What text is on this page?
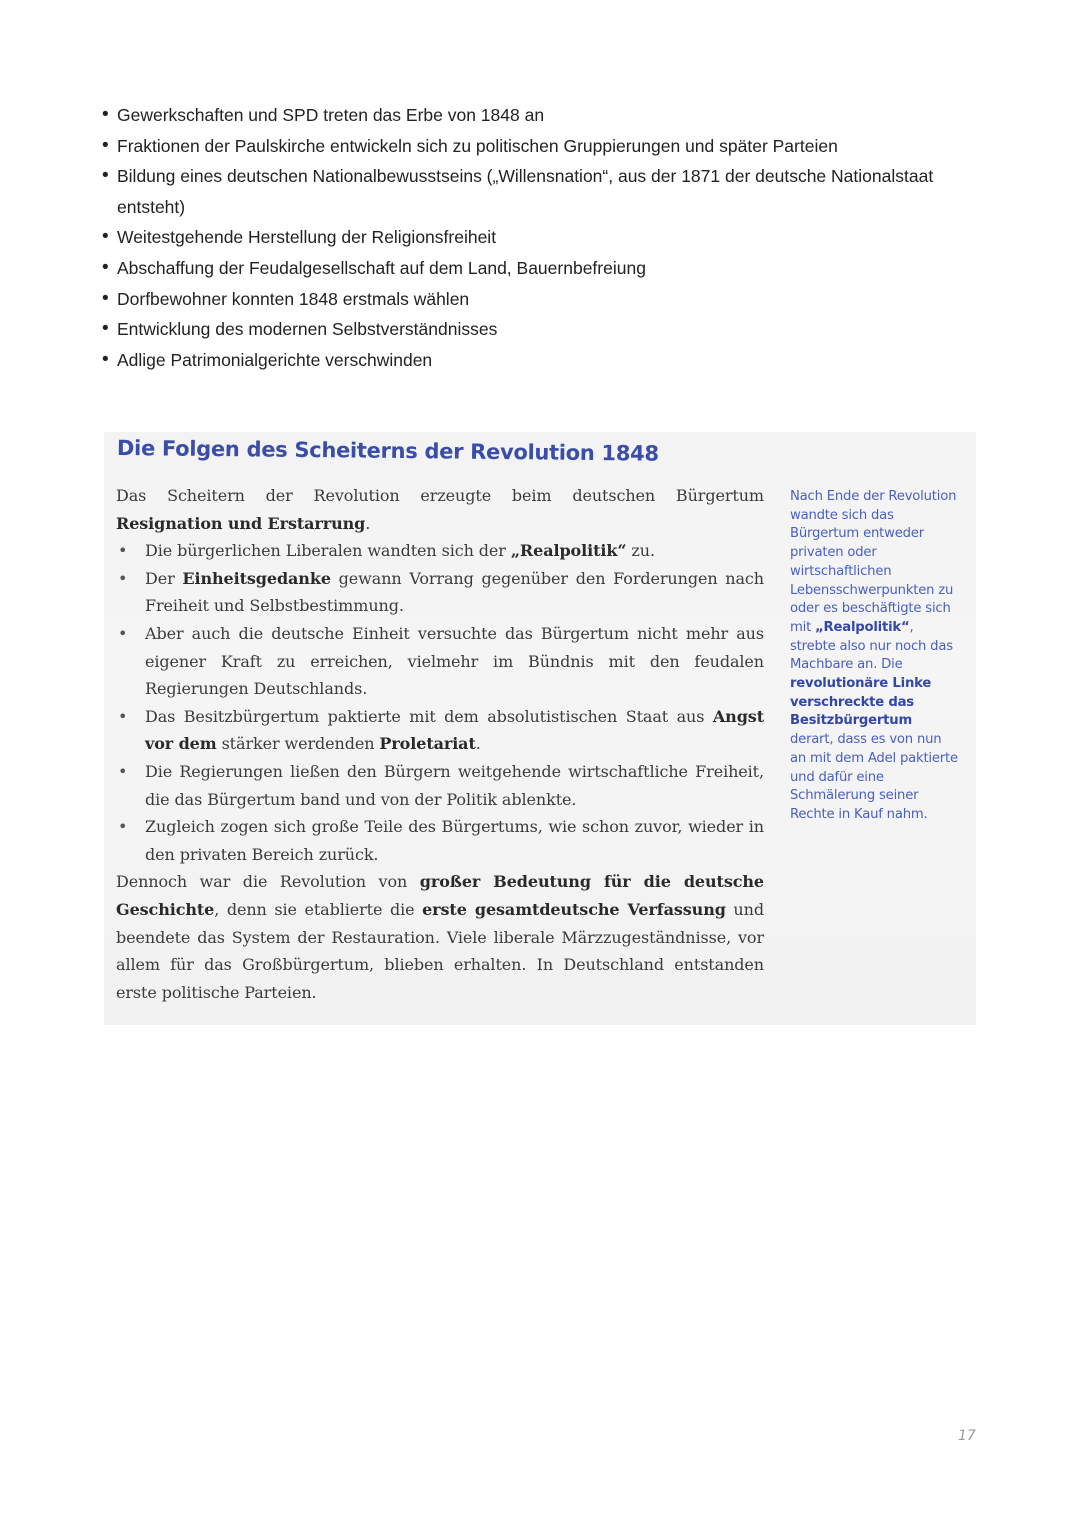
• Gewerkschaften und SPD treten das Erbe von 1848 an
• Fraktionen der Paulskirche entwickeln sich zu politischen Gruppierungen und später Parteien
• Bildung eines deutschen Nationalbewusstseins („Willensnation“, aus der 1871 der deutsche Nationalstaat entsteht)
• Weitestgehende Herstellung der Religionsfreiheit
• Abschaffung der Feudalgesellschaft auf dem Land, Bauernbefreiung
• Dorfbewohner konnten 1848 erstmals wählen
• Entwicklung des modernen Selbstverständnisses
• Adlige Patrimonialgerichte verschwinden
Die Folgen des Scheiterns der Revolution 1848

Das Scheitern der Revolution erzeugte beim deutschen Bürgertum Resignation und Erstarrung.

• Die bürgerlichen Liberalen wandten sich der „Realpolitik“ zu.
• Der Einheitsgedanke gewann Vorrang gegenüber den Forderungen nach Freiheit und Selbstbestimmung.
• Aber auch die deutsche Einheit versuchte das Bürgertum nicht mehr aus eigener Kraft zu erreichen, vielmehr im Bündnis mit den feudalen Regierungen Deutschlands.
• Das Besitzbürgertum paktierte mit dem absolutistischen Staat aus Angst vor dem stärker werdenden Proletariat.
• Die Regierungen ließen den Bürgern weitgehende wirtschaftliche Freiheit, die das Bürgertum band und von der Politik ablenkte.
• Zugleich zogen sich große Teile des Bürgertums, wie schon zuvor, wieder in den privaten Bereich zurück.

Dennoch war die Revolution von großer Bedeutung für die deutsche Geschichte, denn sie etablierte die erste gesamtdeutsche Verfassung und beendete das System der Restauration. Viele liberale Märzzugeständnisse, vor allem für das Großbürgertum, blieben erhalten. In Deutschland entstanden erste politische Parteien.

Nach Ende der Revolution wandte sich das Bürgertum entweder privaten oder wirtschaftlichen Lebensschwerpunkten zu oder es beschäftigte sich mit „Realpolitik“, strebte also nur noch das Machbare an. Die revolutionäre Linke verschreckte das Besitzbürgertum derart, dass es von nun an mit dem Adel paktierte und dafür eine Schmälerung seiner Rechte in Kauf nahm.
17
